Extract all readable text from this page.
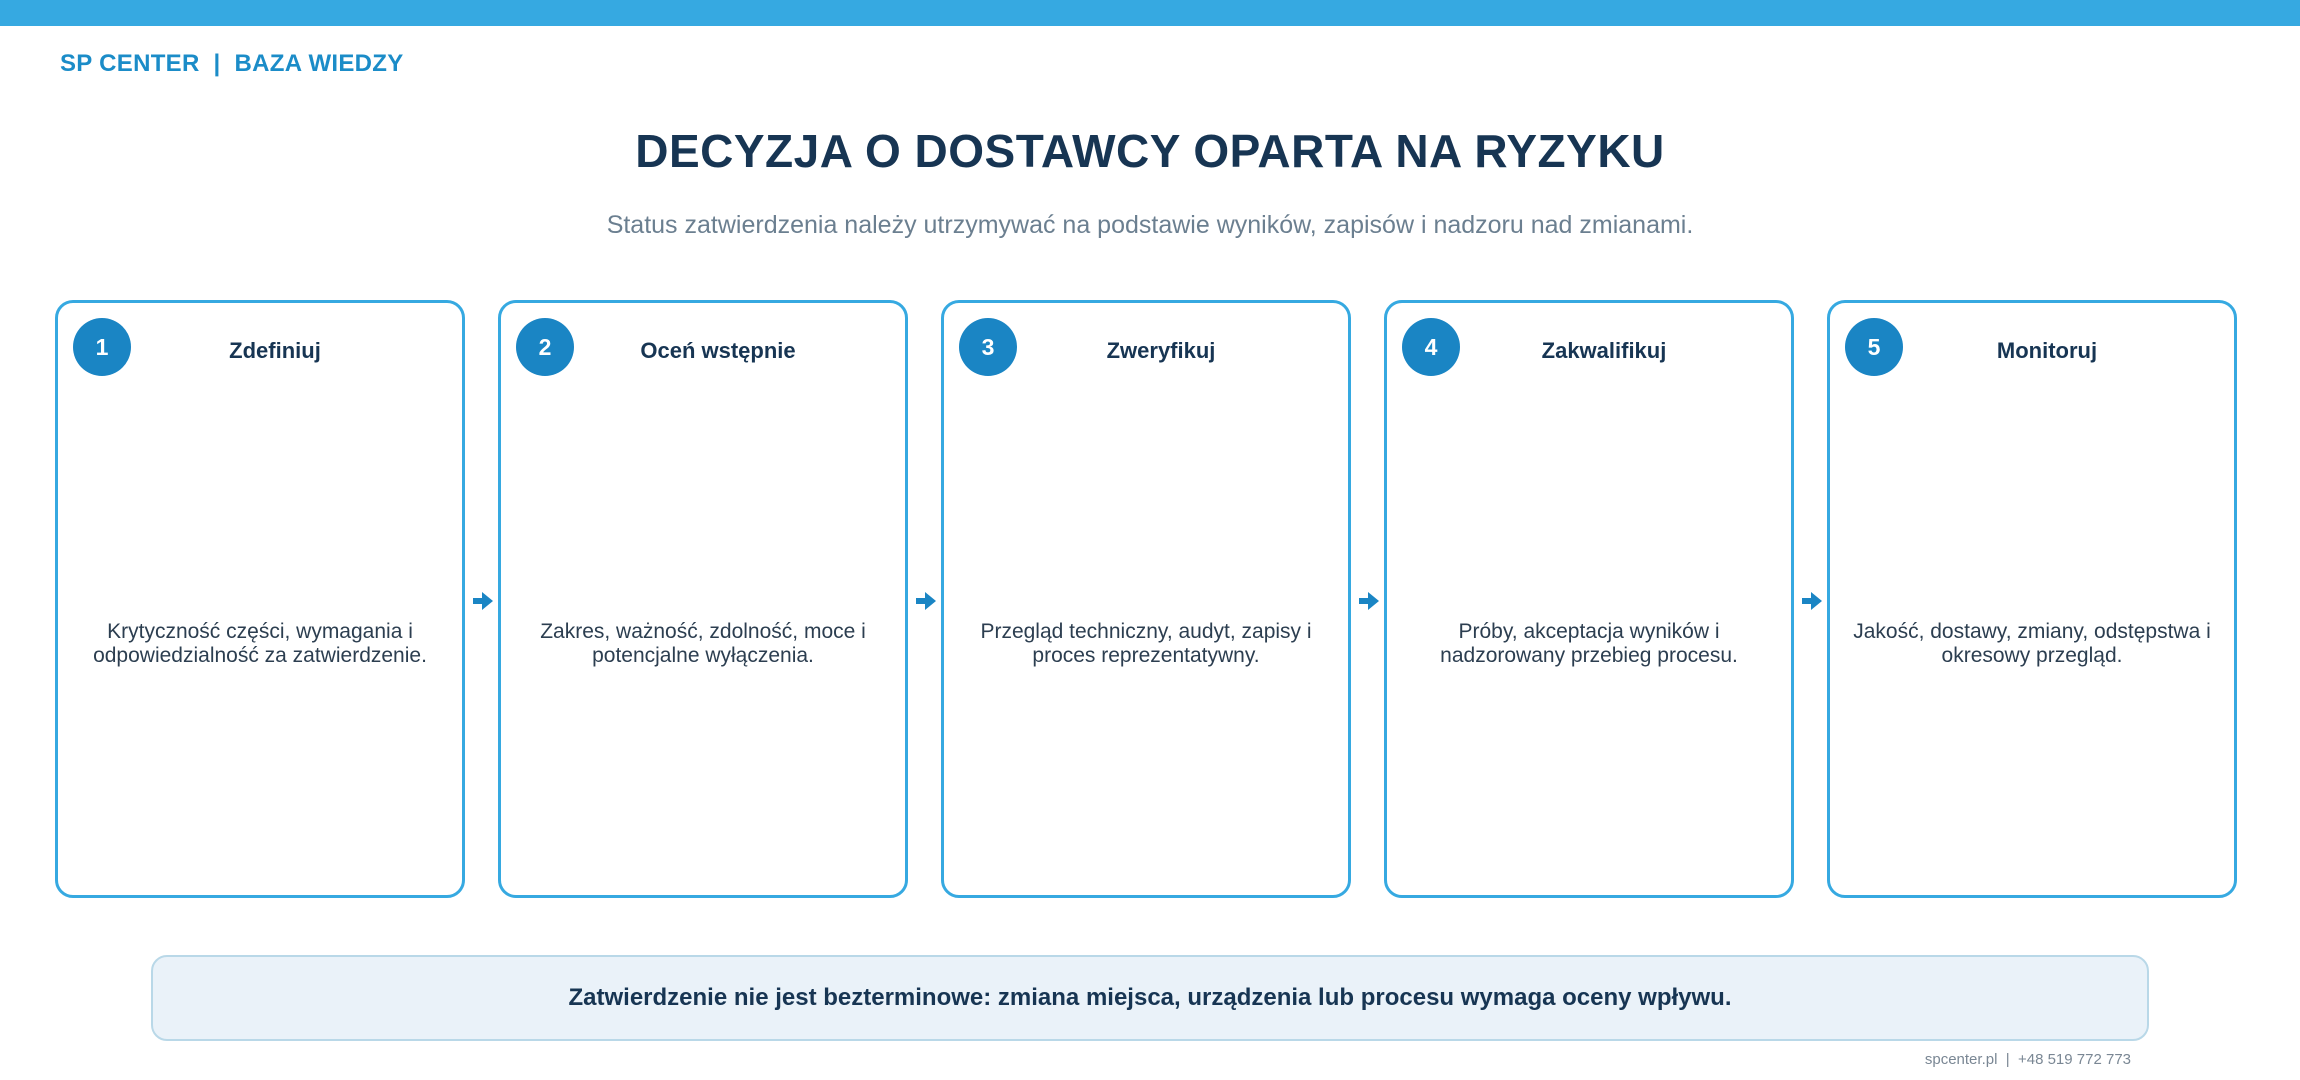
SP CENTER  |  BAZA WIEDZY
DECYZJA O DOSTAWCY OPARTA NA RYZYKU
Status zatwierdzenia należy utrzymywać na podstawie wyników, zapisów i nadzoru nad zmianami.
1	Zdefiniuj
Krytyczność części, wymagania i odpowiedzialność za zatwierdzenie.
2	Oceń wstępnie
Zakres, ważność, zdolność, moce i potencjalne wyłączenia.
3	Zweryfikuj
Przegląd techniczny, audyt, zapisy i proces reprezentatywny.
4	Zakwalifikuj
Próby, akceptacja wyników i nadzorowany przebieg procesu.
5	Monitoruj
Jakość, dostawy, zmiany, odstępstwa i okresowy przegląd.
Zatwierdzenie nie jest bezterminowe: zmiana miejsca, urządzenia lub procesu wymaga oceny wpływu.
spcenter.pl  |  +48 519 772 773
